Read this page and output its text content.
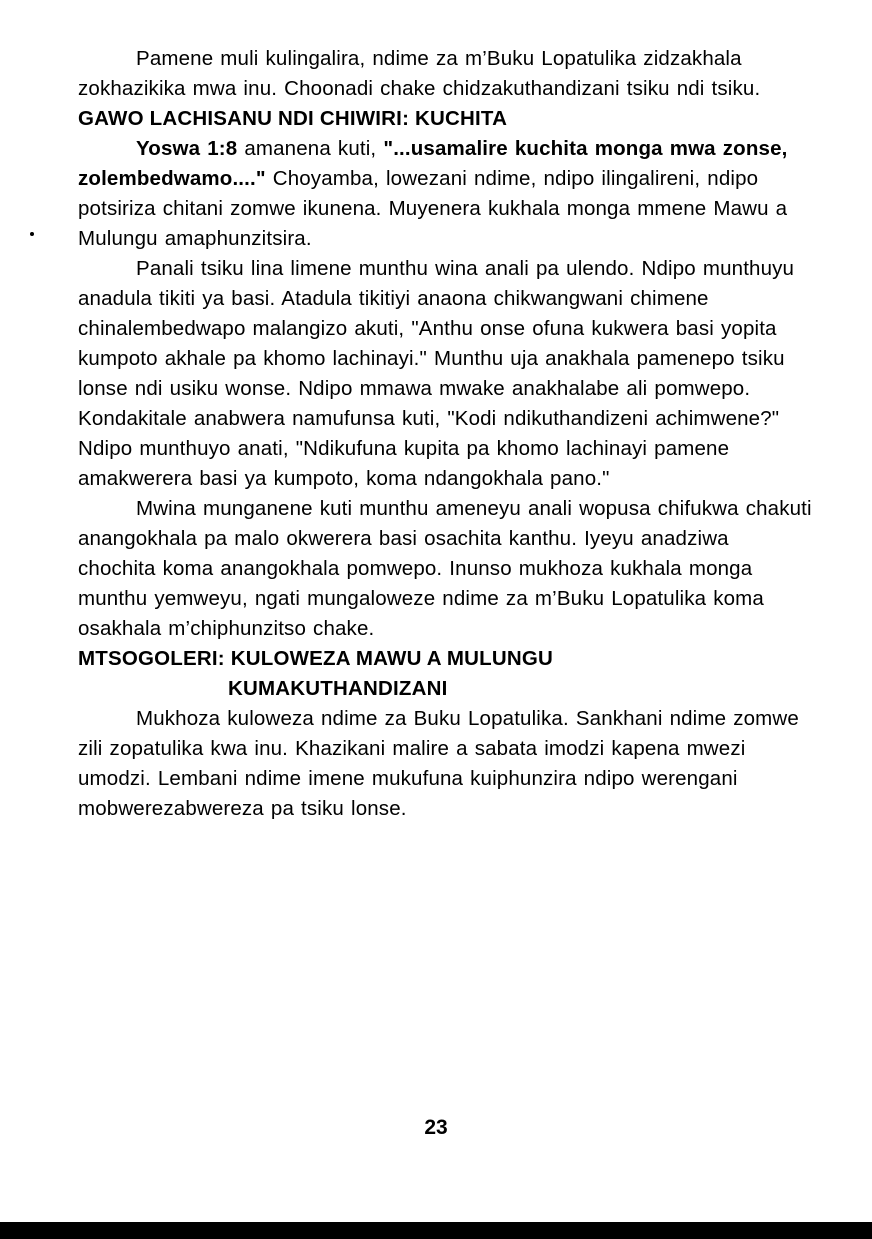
Pamene muli kulingalira, ndime za m’Buku Lopatulika zidzakhala zokhazikika mwa inu. Choonadi chake chidzakuthandizani tsiku ndi tsiku.

GAWO LACHISANU NDI CHIWIRI: KUCHITA

Yoswa 1:8 amanena kuti, "...usamalire kuchita monga mwa zonse, zolembedwamo...." Choyamba, lowezani ndime, ndipo ilingalireni, ndipo potsiriza chitani zomwe ikunena. Muyenera kukhala monga mmene Mawu a Mulungu amaphunzitsira.

Panali tsiku lina limene munthu wina anali pa ulendo. Ndipo munthuyu anadula tikiti ya basi. Atadula tikitiyi anaona chikwangwani chimene chinalembedwapo malangizo akuti, "Anthu onse ofuna kukwera basi yopita kumpoto akhale pa khomo lachinayi." Munthu uja anakhala pamenepo tsiku lonse ndi usiku wonse. Ndipo mmawa mwake anakhalabe ali pomwepo. Kondakitale anabwera namufunsa kuti, "Kodi ndikuthandizeni achimwene?" Ndipo munthuyo anati, "Ndikufuna kupita pa khomo lachinayi pamene amakwerera basi ya kumpoto, koma ndangokhala pano."

Mwina munganene kuti munthu ameneyu anali wopusa chifukwa chakuti anangokhala pa malo okwerera basi osachita kanthu. Iyeyu anadziwa chochita koma anangokhala pomwepo. Inunso mukhoza kukhala monga munthu yemweyu, ngati mungaloweze ndime za m’Buku Lopatulika koma osakhala m’chiphunzitso chake.

MTSOGOLERI: KULOWEZA MAWU A MULUNGU

KUMAKUTHANDIZANI

Mukhoza kuloweza ndime za Buku Lopatulika. Sankhani ndime zomwe zili zopatulika kwa inu. Khazikani malire a sabata imodzi kapena mwezi umodzi. Lembani ndime imene mukufuna kuiphunzira ndipo werengani mobwerezabwereza pa tsiku lonse.

23
